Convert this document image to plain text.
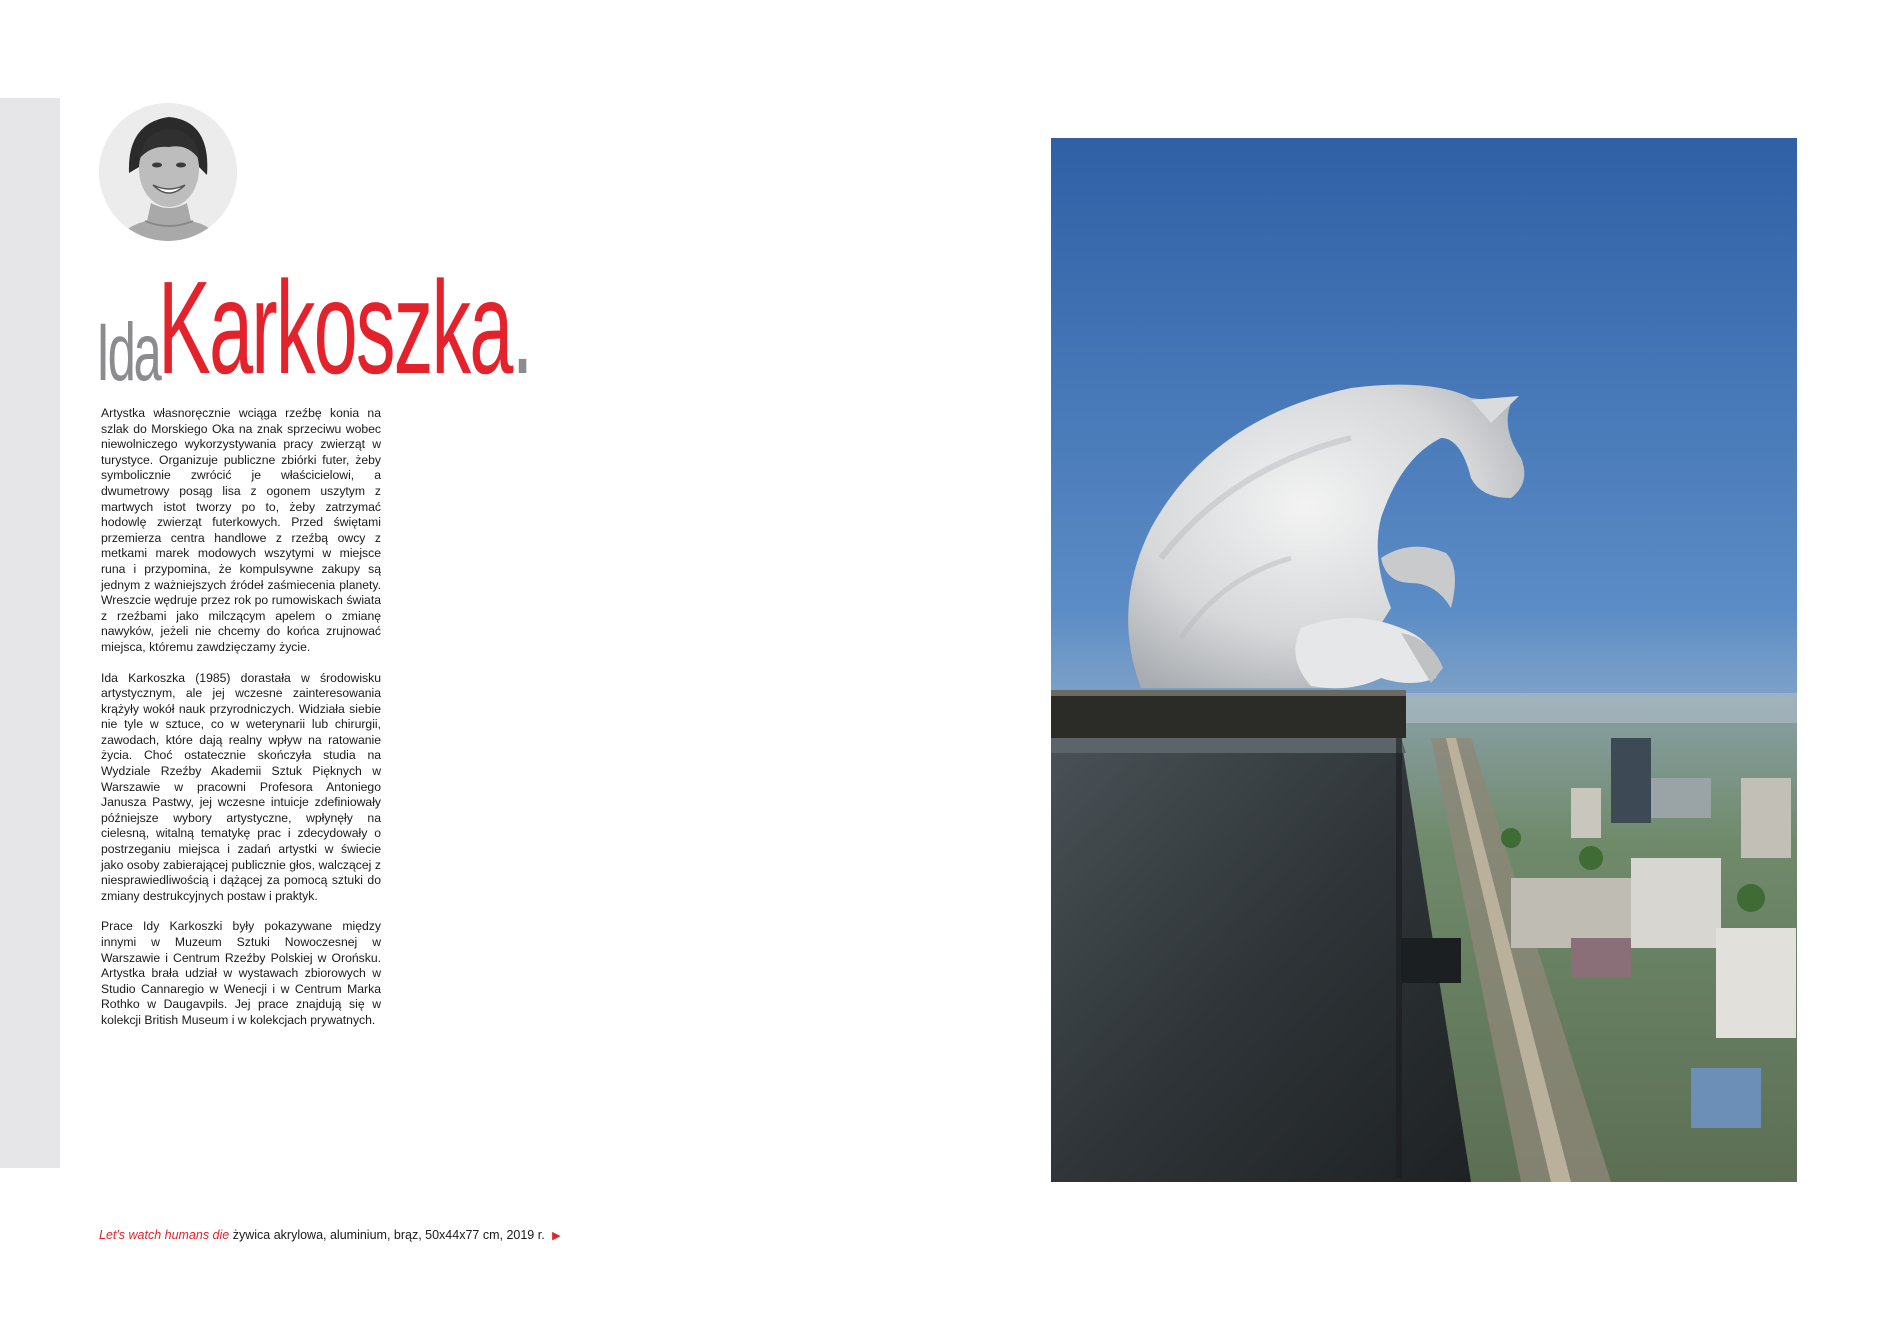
IdaKarkoszka.

Artystka własnoręcznie wciąga rzeźbę konia na szlak do Morskiego Oka na znak sprzeciwu wobec niewolniczego wykorzystywania pracy zwierząt w turystyce. Organizuje publiczne zbiórki futer, żeby symbolicznie zwrócić je właścicielowi, a dwumetrowy posąg lisa z ogonem uszytym z martwych istot tworzy po to, żeby zatrzymać hodowlę zwierząt futerkowych. Przed świętami przemierza centra handlowe z rzeźbą owcy z metkami marek modowych wszytymi w miejsce runa i przypomina, że kompulsywne zakupy są jednym z ważniejszych źródeł zaśmiecenia planety. Wreszcie wędruje przez rok po rumowiskach świata z rzeźbami jako milczącym apelem o zmianę nawyków, jeżeli nie chcemy do końca zrujnować miejsca, któremu zawdzięczamy życie.

Ida Karkoszka (1985) dorastała w środowisku artystycznym, ale jej wczesne zainteresowania krążyły wokół nauk przyrodniczych. Widziała siebie nie tyle w sztuce, co w weterynarii lub chirurgii, zawodach, które dają realny wpływ na ratowanie życia. Choć ostatecznie skończyła studia na Wydziale Rzeźby Akademii Sztuk Pięknych w Warszawie w pracowni Profesora Antoniego Janusza Pastwy, jej wczesne intuicje zdefiniowały późniejsze wybory artystyczne, wpłynęły na cielesną, witalną tematykę prac i zdecydowały o postrzeganiu miejsca i zadań artystki w świecie jako osoby zabierającej publicznie głos, walczącej z niesprawiedliwością i dążącej za pomocą sztuki do zmiany destrukcyjnych postaw i praktyk.

Prace Idy Karkoszki były pokazywane między innymi w Muzeum Sztuki Nowoczesnej w Warszawie i Centrum Rzeźby Polskiej w Orońsku. Artystka brała udział w wystawach zbiorowych w Studio Cannaregio w Wenecji i w Centrum Marka Rothko w Daugavpils. Jej prace znajdują się w kolekcji British Museum i w kolekcjach prywatnych.

Let's watch humans die żywica akrylowa, aluminium, brąz, 50x44x77 cm, 2019 r. ▶
